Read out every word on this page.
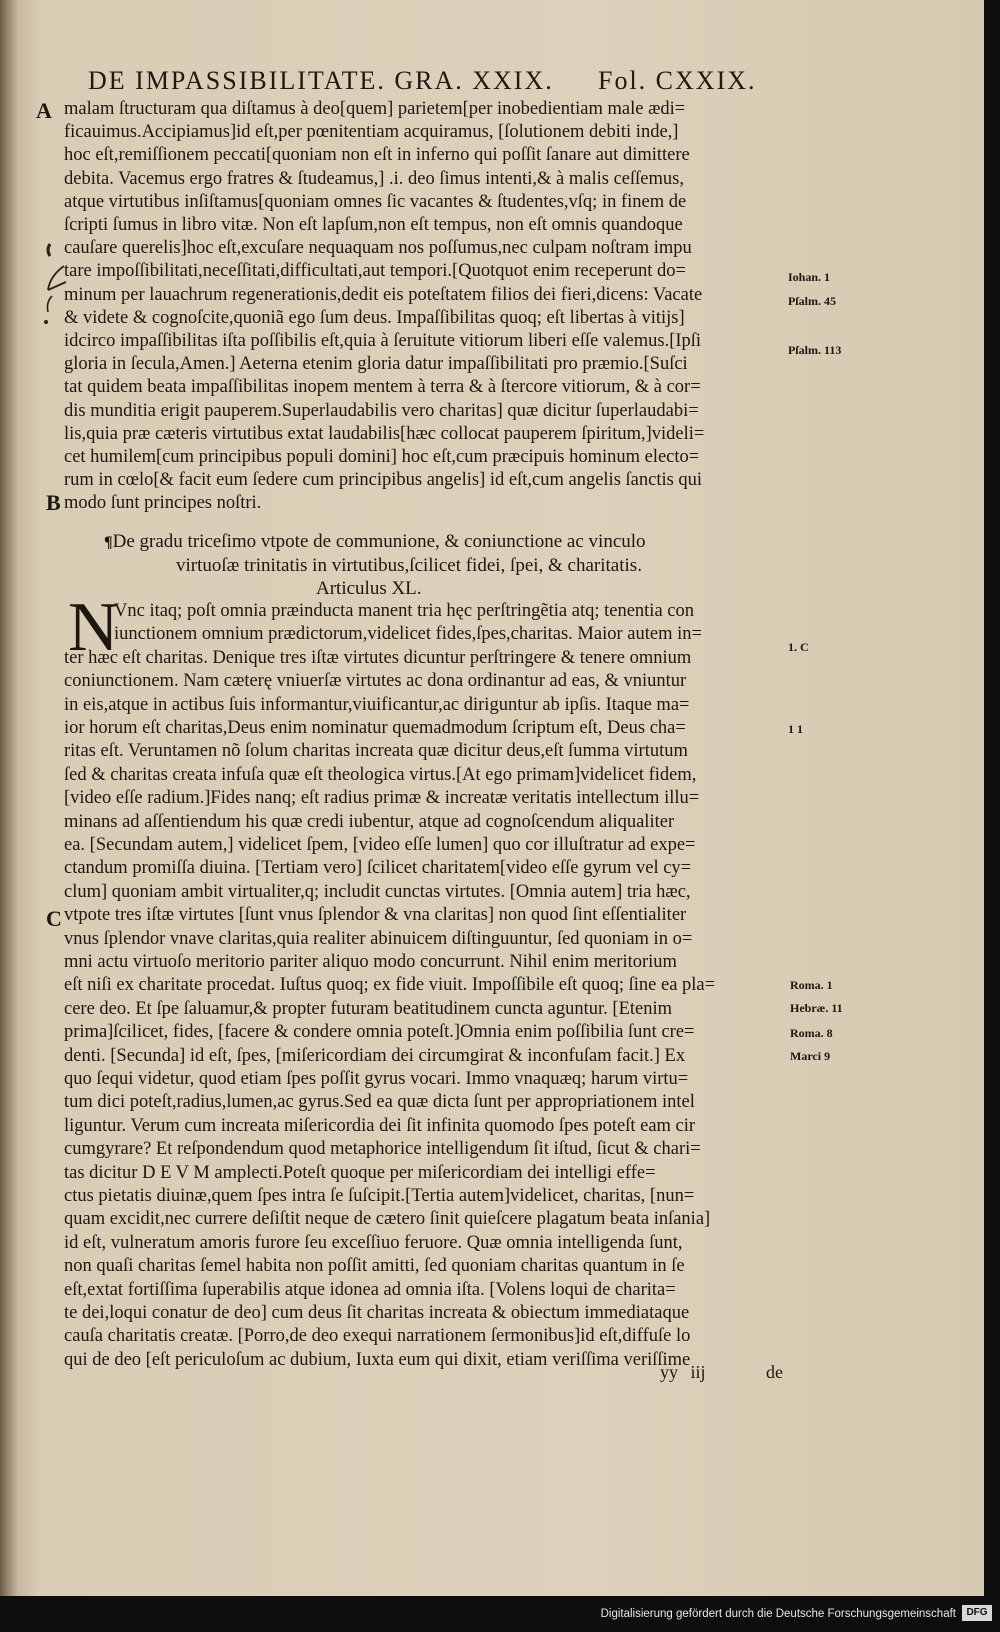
DE IMPASSIBILITATE. GRA. XXIX. Fol. CXXIX.
A
B
C
malam ſtructuram qua diſtamus à deo[quem] parietem[per inobedientiam male ædi=
ficauimus.Accipiamus]id eſt,per pœnitentiam acquiramus, [ſolutionem debiti inde,]
hoc eſt,remiſſionem peccati[quoniam non eſt in inferno qui poſſit ſanare aut dimittere
debita. Vacemus ergo fratres & ſtudeamus,] .i. deo ſimus intenti,& à malis ceſſemus,
atque virtutibus inſiſtamus[quoniam omnes ſic vacantes & ſtudentes,vſq; in finem de
ſcripti ſumus in libro vitæ. Non eſt lapſum,non eſt tempus, non eſt omnis quandoque
cauſare querelis]hoc eſt,excuſare nequaquam nos poſſumus,nec culpam noſtram impu
tare impoſſibilitati,neceſſitati,difficultati,aut tempori.[Quotquot enim receperunt do=
minum per lauachrum regenerationis,dedit eis poteſtatem filios dei fieri,dicens: Vacate
& videte & cognoſcite,quoniã ego ſum deus. Impaſſibilitas quoq; eſt libertas à vitijs]
idcirco impaſſibilitas iſta poſſibilis eſt,quia à ſeruitute vitiorum liberi eſſe valemus.[Ipſi
gloria in ſecula,Amen.] Aeterna etenim gloria datur impaſſibilitati pro præmio.[Suſci
tat quidem beata impaſſibilitas inopem mentem à terra & à ſtercore vitiorum, & à cor=
dis munditia erigit pauperem.Superlaudabilis vero charitas] quæ dicitur ſuperlaudabi=
lis,quia præ cæteris virtutibus extat laudabilis[hæc collocat pauperem ſpiritum,]videli=
cet humilem[cum principibus populi domini] hoc eſt,cum præcipuis hominum electo=
rum in cœlo[& facit eum ſedere cum principibus angelis] id eſt,cum angelis ſanctis qui
modo ſunt principes noſtri.
¶De gradu triceſimo vtpote de communione, & coniunctione ac vinculo
virtuoſæ trinitatis in virtutibus,ſcilicet fidei, ſpei, & charitatis.
Articulus XL.
N
Vnc itaq; poſt omnia præinducta manent tria hęc perſtringẽtia atq; tenentia con
iunctionem omnium prædictorum,videlicet fides,ſpes,charitas. Maior autem in=
ter hæc eſt charitas. Denique tres iſtæ virtutes dicuntur perſtringere & tenere omnium
coniunctionem. Nam cæterę vniuerſæ virtutes ac dona ordinantur ad eas, & vniuntur
in eis,atque in actibus ſuis informantur,viuificantur,ac diriguntur ab ipſis. Itaque ma=
ior horum eſt charitas,Deus enim nominatur quemadmodum ſcriptum eſt, Deus cha=
ritas eſt. Veruntamen nõ ſolum charitas increata quæ dicitur deus,eſt ſumma virtutum
ſed & charitas creata infuſa quæ eſt theologica virtus.[At ego primam]videlicet fidem,
[video eſſe radium.]Fides nanq; eſt radius primæ & increatæ veritatis intellectum illu=
minans ad aſſentiendum his quæ credi iubentur, atque ad cognoſcendum aliqualiter
ea. [Secundam autem,] videlicet ſpem, [video eſſe lumen] quo cor illuſtratur ad expe=
ctandum promiſſa diuina. [Tertiam vero] ſcilicet charitatem[video eſſe gyrum vel cy=
clum] quoniam ambit virtualiter,q; includit cunctas virtutes. [Omnia autem] tria hæc,
vtpote tres iſtæ virtutes [ſunt vnus ſplendor & vna claritas] non quod ſint eſſentialiter
vnus ſplendor vnave claritas,quia realiter abinuicem diſtinguuntur, ſed quoniam in o=
mni actu virtuoſo meritorio pariter aliquo modo concurrunt. Nihil enim meritorium
eſt niſi ex charitate procedat. Iuſtus quoq; ex fide viuit. Impoſſibile eſt quoq; ſine ea pla=
cere deo. Et ſpe ſaluamur,& propter futuram beatitudinem cuncta aguntur. [Etenim
prima]ſcilicet, fides, [facere & condere omnia poteſt.]Omnia enim poſſibilia ſunt cre=
denti. [Secunda] id eſt, ſpes, [miſericordiam dei circumgirat & inconfuſam facit.] Ex
quo ſequi videtur, quod etiam ſpes poſſit gyrus vocari. Immo vnaquæq; harum virtu=
tum dici poteſt,radius,lumen,ac gyrus.Sed ea quæ dicta ſunt per appropriationem intel
liguntur. Verum cum increata miſericordia dei ſit infinita quomodo ſpes poteſt eam cir
cumgyrare? Et reſpondendum quod metaphorice intelligendum ſit iſtud, ſicut & chari=
tas dicitur D E V M amplecti.Poteſt quoque per miſericordiam dei intelligi effe=
ctus pietatis diuinæ,quem ſpes intra ſe ſuſcipit.[Tertia autem]videlicet, charitas, [nun=
quam excidit,nec currere deſiſtit neque de cætero ſinit quieſcere plagatum beata inſania]
id eſt, vulneratum amoris furore ſeu exceſſiuo feruore. Quæ omnia intelligenda ſunt,
non quaſi charitas ſemel habita non poſſit amitti, ſed quoniam charitas quantum in ſe
eſt,extat fortiſſima ſuperabilis atque idonea ad omnia iſta. [Volens loqui de charita=
te dei,loqui conatur de deo] cum deus ſit charitas increata & obiectum immediataque
cauſa charitatis creatæ. [Porro,de deo exequi narrationem ſermonibus]id eſt,diffuſe lo
qui de deo [eſt periculoſum ac dubium, Iuxta eum qui dixit, etiam veriſſima veriſſime
yy iij	de
Iohan. 1
Pſalm. 45
Pſalm. 113
1. C
1 1
Roma. 1
Hebræ. 11
Roma. 8
Marci 9
Digitalisierung gefördert durch die Deutsche Forschungsgemeinschaft	DFG
